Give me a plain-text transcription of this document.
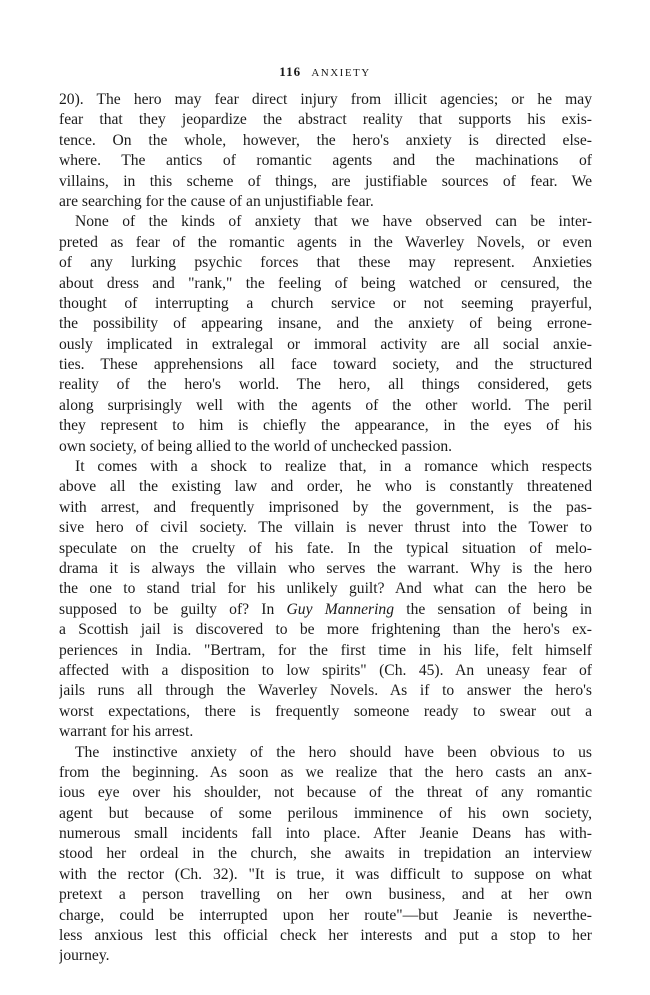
116 ANXIETY
20). The hero may fear direct injury from illicit agencies; or he may
fear that they jeopardize the abstract reality that supports his exis-
tence. On the whole, however, the hero's anxiety is directed else-
where. The antics of romantic agents and the machinations of
villains, in this scheme of things, are justifiable sources of fear. We
are searching for the cause of an unjustifiable fear.
None of the kinds of anxiety that we have observed can be inter-
preted as fear of the romantic agents in the Waverley Novels, or even
of any lurking psychic forces that these may represent. Anxieties
about dress and "rank," the feeling of being watched or censured, the
thought of interrupting a church service or not seeming prayerful,
the possibility of appearing insane, and the anxiety of being errone-
ously implicated in extralegal or immoral activity are all social anxie-
ties. These apprehensions all face toward society, and the structured
reality of the hero's world. The hero, all things considered, gets
along surprisingly well with the agents of the other world. The peril
they represent to him is chiefly the appearance, in the eyes of his
own society, of being allied to the world of unchecked passion.
It comes with a shock to realize that, in a romance which respects
above all the existing law and order, he who is constantly threatened
with arrest, and frequently imprisoned by the government, is the pas-
sive hero of civil society. The villain is never thrust into the Tower to
speculate on the cruelty of his fate. In the typical situation of melo-
drama it is always the villain who serves the warrant. Why is the hero
the one to stand trial for his unlikely guilt? And what can the hero be
supposed to be guilty of? In Guy Mannering the sensation of being in
a Scottish jail is discovered to be more frightening than the hero's ex-
periences in India. "Bertram, for the first time in his life, felt himself
affected with a disposition to low spirits" (Ch. 45). An uneasy fear of
jails runs all through the Waverley Novels. As if to answer the hero's
worst expectations, there is frequently someone ready to swear out a
warrant for his arrest.
The instinctive anxiety of the hero should have been obvious to us
from the beginning. As soon as we realize that the hero casts an anx-
ious eye over his shoulder, not because of the threat of any romantic
agent but because of some perilous imminence of his own society,
numerous small incidents fall into place. After Jeanie Deans has with-
stood her ordeal in the church, she awaits in trepidation an interview
with the rector (Ch. 32). "It is true, it was difficult to suppose on what
pretext a person travelling on her own business, and at her own
charge, could be interrupted upon her route"—but Jeanie is neverthe-
less anxious lest this official check her interests and put a stop to her
journey.
